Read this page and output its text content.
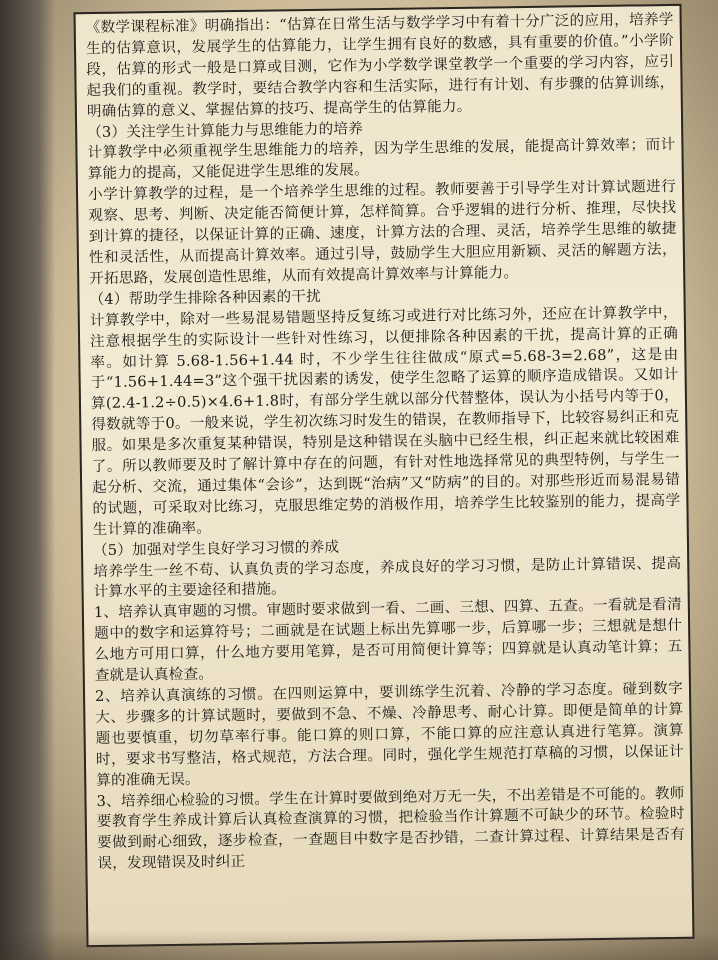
《数学课程标准》明确指出：“估算在日常生活与数学学习中有着十分广泛的应用，培养学生的估算意识，发展学生的估算能力，让学生拥有良好的数感，具有重要的价值。”小学阶段，估算的形式一般是口算或目测，它作为小学数学课堂教学一个重要的学习内容，应引起我们的重视。教学时，要结合教学内容和生活实际，进行有计划、有步骤的估算训练，明确估算的意义、掌握估算的技巧、提高学生的估算能力。

（3）关注学生计算能力与思维能力的培养

计算教学中必须重视学生思维能力的培养，因为学生思维的发展，能提高计算效率；而计算能力的提高，又能促进学生思维的发展。

小学计算教学的过程，是一个培养学生思维的过程。教师要善于引导学生对计算试题进行观察、思考、判断、决定能否简便计算，怎样简算。合乎逻辑的进行分析、推理，尽快找到计算的捷径，以保证计算的正确、速度，计算方法的合理、灵活，培养学生思维的敏捷性和灵活性，从而提高计算效率。通过引导，鼓励学生大胆应用新颖、灵活的解题方法，开拓思路，发展创造性思维，从而有效提高计算效率与计算能力。

（4）帮助学生排除各种因素的干扰

计算教学中，除对一些易混易错题坚持反复练习或进行对比练习外，还应在计算教学中，注意根据学生的实际设计一些针对性练习，以便排除各种因素的干扰，提高计算的正确率。如计算 5.68-1.56+1.44 时，不少学生往往做成“原式=5.68-3=2.68”，这是由于“1.56+1.44=3”这个强干扰因素的诱发，使学生忽略了运算的顺序造成错误。又如计算(2.4-1.2÷0.5)×4.6+1.8时，有部分学生就以部分代替整体，误认为小括号内等于0，得数就等于0。一般来说，学生初次练习时发生的错误，在教师指导下，比较容易纠正和克服。如果是多次重复某种错误，特别是这种错误在头脑中已经生根，纠正起来就比较困难了。所以教师要及时了解计算中存在的问题，有针对性地选择常见的典型特例，与学生一起分析、交流，通过集体“会诊”，达到既“治病”又“防病”的目的。对那些形近而易混易错的试题，可采取对比练习，克服思维定势的消极作用，培养学生比较鉴别的能力，提高学生计算的准确率。

（5）加强对学生良好学习习惯的养成

培养学生一丝不苟、认真负责的学习态度，养成良好的学习习惯，是防止计算错误、提高计算水平的主要途径和措施。

1、培养认真审题的习惯。审题时要求做到一看、二画、三想、四算、五查。一看就是看清题中的数字和运算符号；二画就是在试题上标出先算哪一步，后算哪一步；三想就是想什么地方可用口算，什么地方要用笔算，是否可用简便计算等；四算就是认真动笔计算；五查就是认真检查。

2、培养认真演练的习惯。在四则运算中，要训练学生沉着、冷静的学习态度。碰到数字大、步骤多的计算试题时，要做到不急、不燥、冷静思考、耐心计算。即便是简单的计算题也要慎重，切勿草率行事。能口算的则口算，不能口算的应注意认真进行笔算。演算时，要求书写整洁，格式规范，方法合理。同时，强化学生规范打草稿的习惯，以保证计算的准确无误。

3、培养细心检验的习惯。学生在计算时要做到绝对万无一失，不出差错是不可能的。教师要教育学生养成计算后认真检查演算的习惯，把检验当作计算题不可缺少的环节。检验时要做到耐心细致，逐步检查，一查题目中数字是否抄错，二查计算过程、计算结果是否有误，发现错误及时纠正
